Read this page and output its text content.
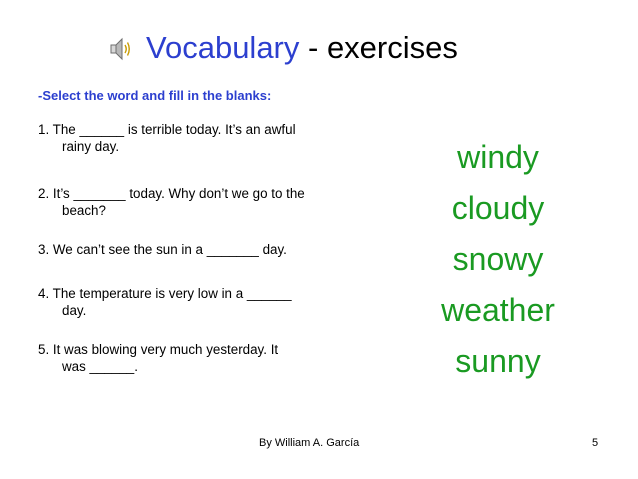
Vocabulary - exercises
-Select the word and fill in the blanks:
1. The ______ is terrible today. It’s an awful
rainy day.
2. It’s _______ today. Why don’t we go to the
beach?
3. We can’t see the sun in a _______ day.
4. The temperature is very low in a ______
day.
5. It was blowing very much yesterday. It
was ______.
windy
cloudy
snowy
weather
sunny
By William A. García	5
